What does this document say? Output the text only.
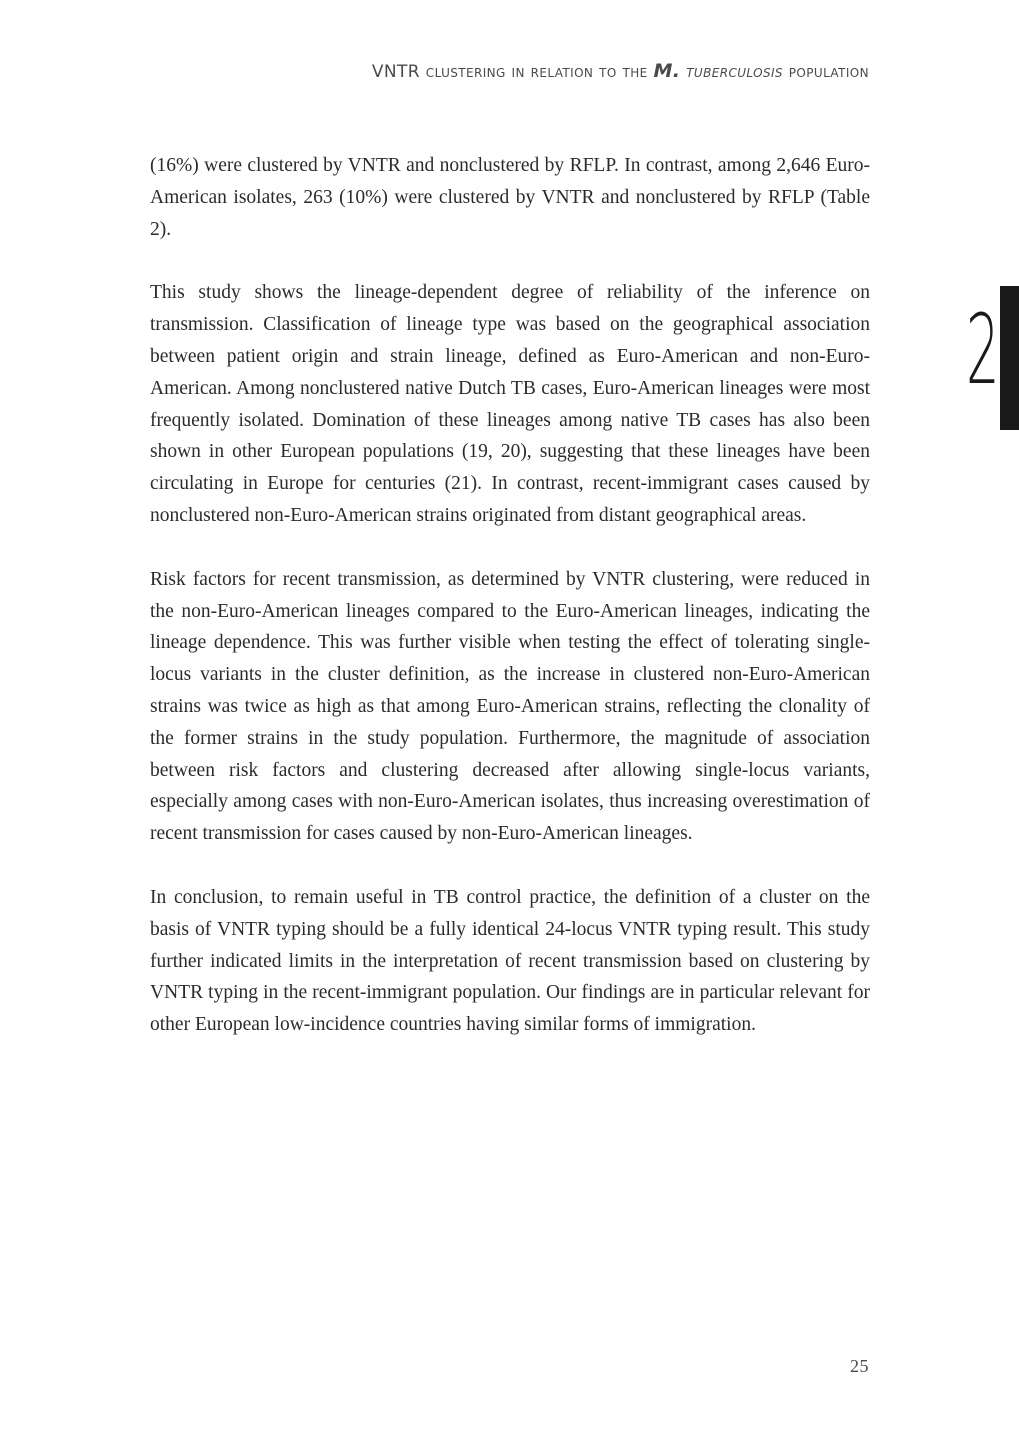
VNTR clustering in relation to the M. tuberculosis population
2

(16%) were clustered by VNTR and nonclustered by RFLP. In contrast, among 2,646 Euro-American isolates, 263 (10%) were clustered by VNTR and nonclustered by RFLP (Table 2).

This study shows the lineage-dependent degree of reliability of the inference on transmission. Classification of lineage type was based on the geographical association between patient origin and strain lineage, defined as Euro-American and non-Euro-American. Among nonclustered native Dutch TB cases, Euro-American lineages were most frequently isolated. Domination of these lineages among native TB cases has also been shown in other European populations (19, 20), suggesting that these lineages have been circulating in Europe for centuries (21). In contrast, recent-immigrant cases caused by nonclustered non-Euro-American strains originated from distant geographical areas.

Risk factors for recent transmission, as determined by VNTR clustering, were reduced in the non-Euro-American lineages compared to the Euro-American lineages, indicating the lineage dependence. This was further visible when testing the effect of tolerating single-locus variants in the cluster definition, as the increase in clustered non-Euro-American strains was twice as high as that among Euro-American strains, reflecting the clonality of the former strains in the study population. Furthermore, the magnitude of association between risk factors and clustering decreased after allowing single-locus variants, especially among cases with non-Euro-American isolates, thus increasing overestimation of recent transmission for cases caused by non-Euro-American lineages.

In conclusion, to remain useful in TB control practice, the definition of a cluster on the basis of VNTR typing should be a fully identical 24-locus VNTR typing result. This study further indicated limits in the interpretation of recent transmission based on clustering by VNTR typing in the recent-immigrant population. Our findings are in particular relevant for other European low-incidence countries having similar forms of immigration.

25
